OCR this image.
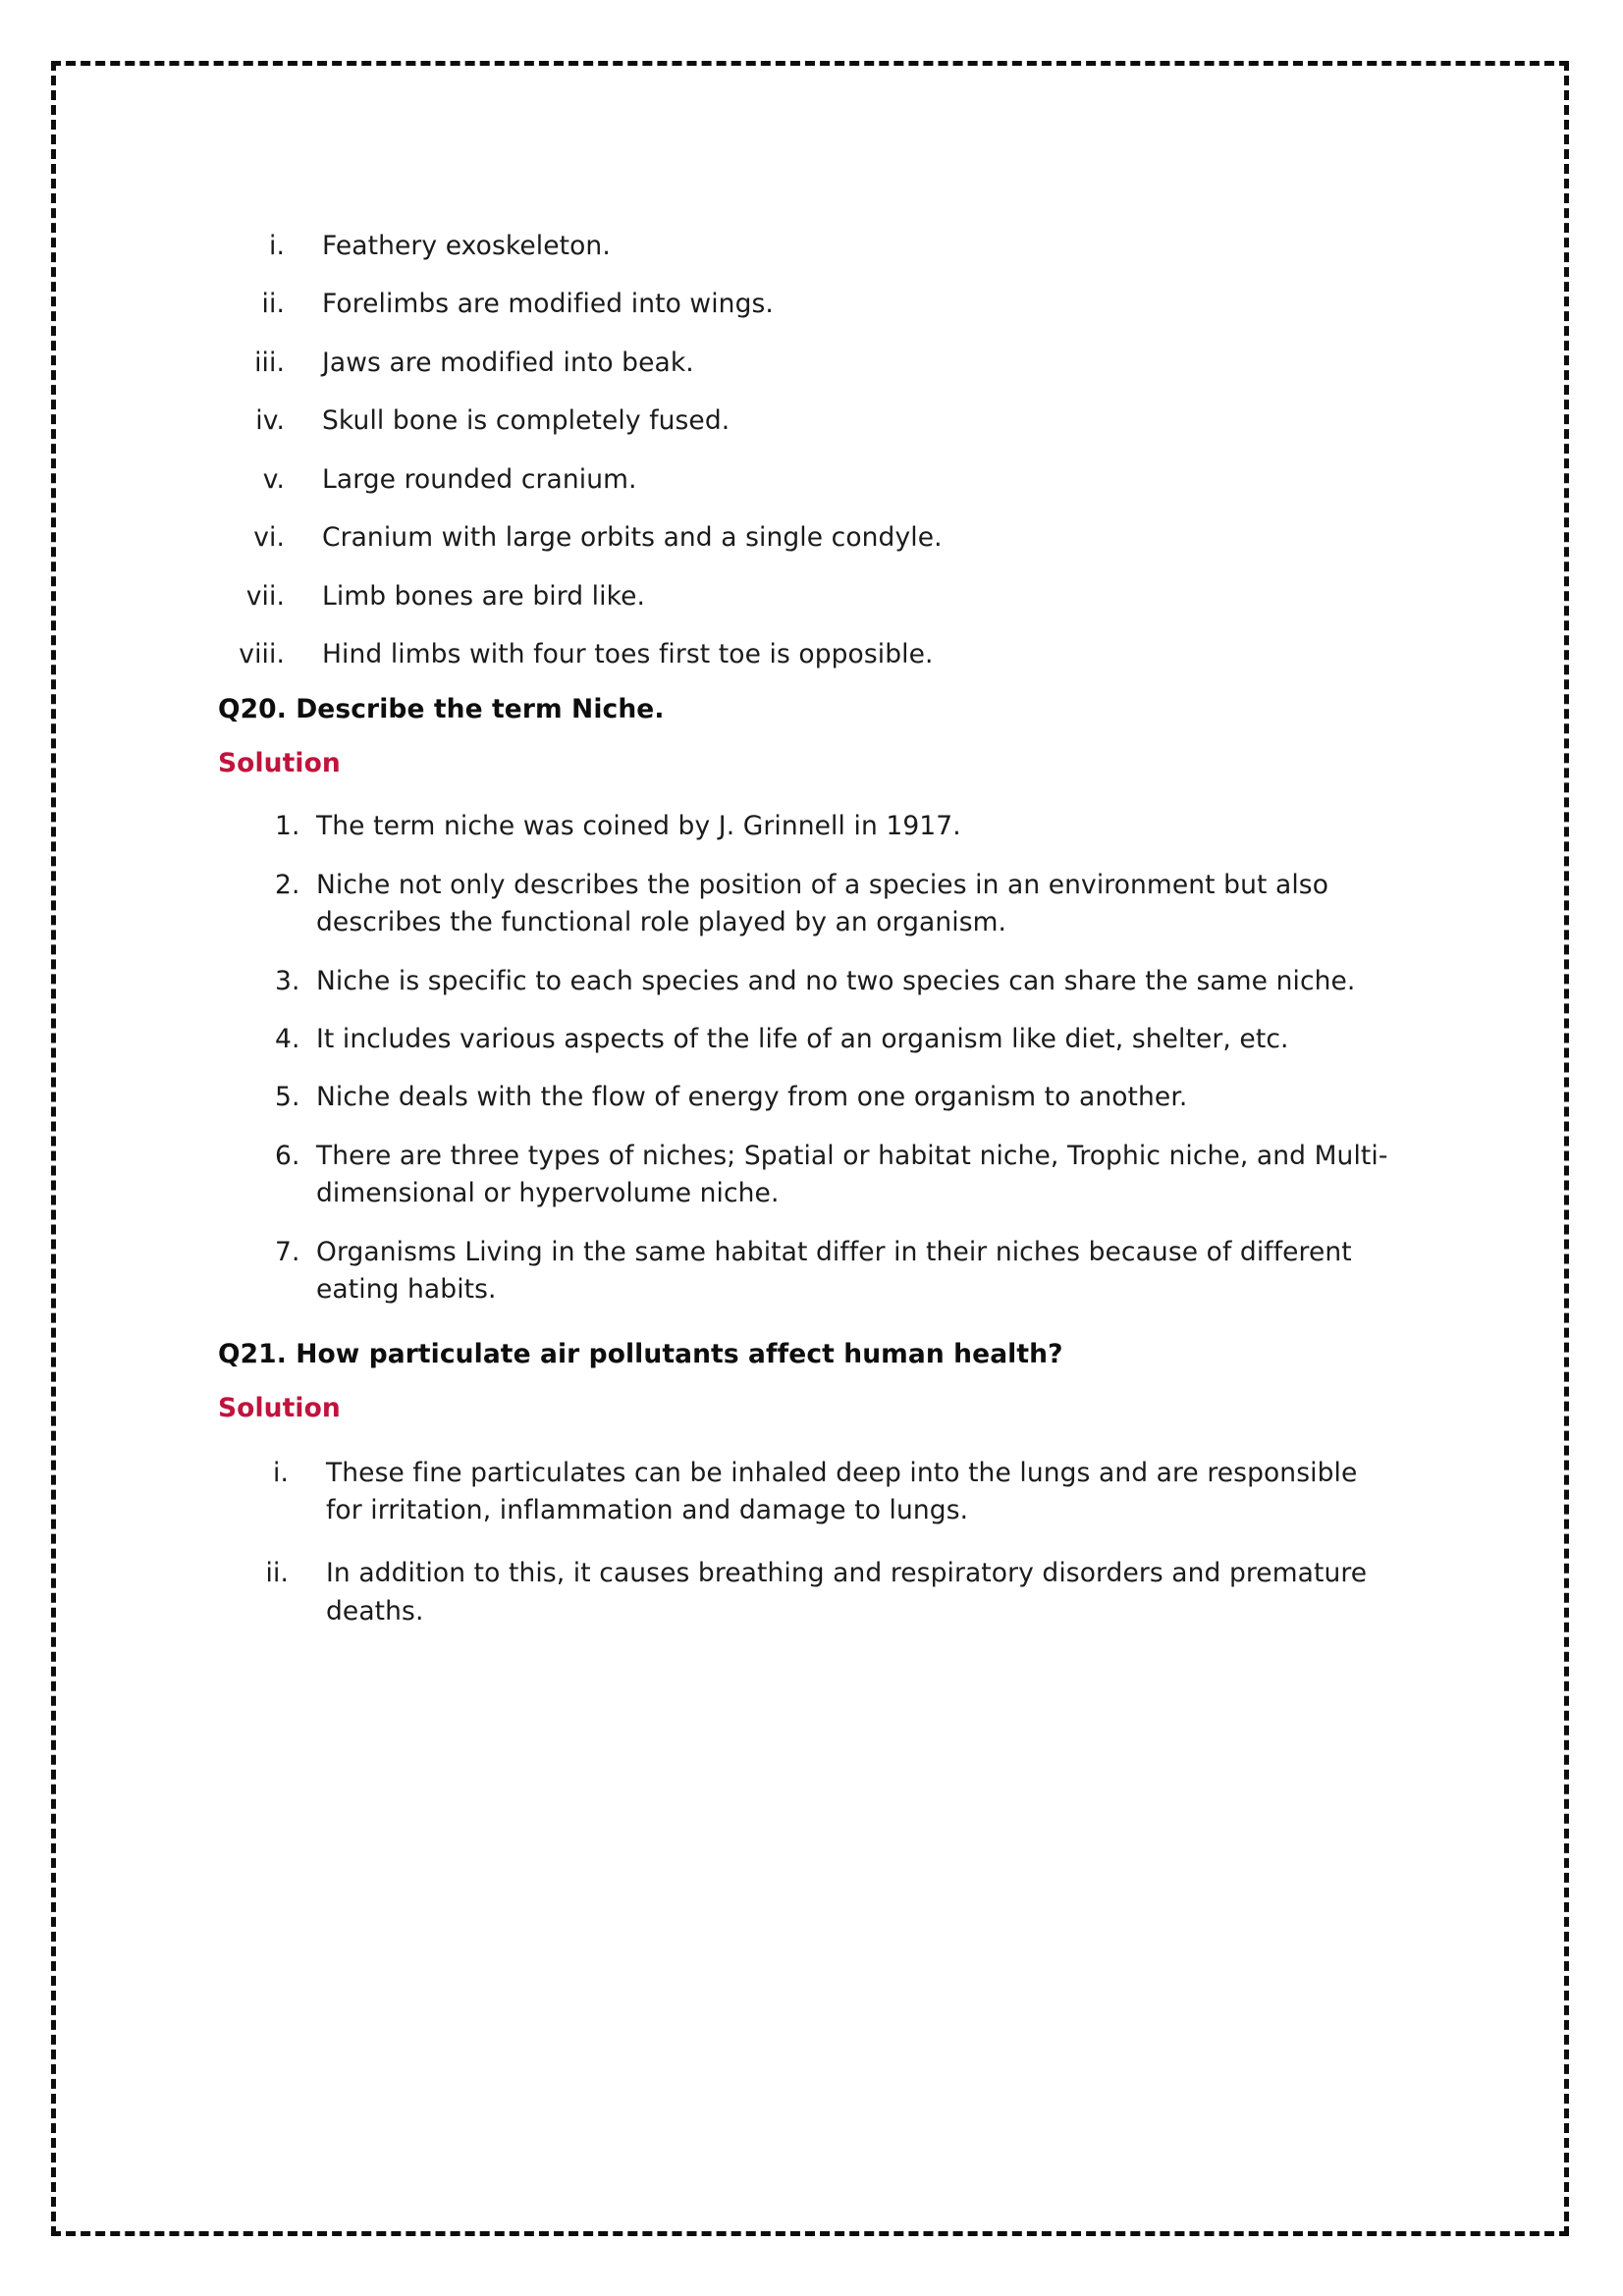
i. Feathery exoskeleton.
ii. Forelimbs are modified into wings.
iii. Jaws are modified into beak.
iv. Skull bone is completely fused.
v. Large rounded cranium.
vi. Cranium with large orbits and a single condyle.
vii. Limb bones are bird like.
viii. Hind limbs with four toes first toe is opposible.

Q20. Describe the term Niche.

Solution

1. The term niche was coined by J. Grinnell in 1917.
2. Niche not only describes the position of a species in an environment but also describes the functional role played by an organism.
3. Niche is specific to each species and no two species can share the same niche.
4. It includes various aspects of the life of an organism like diet, shelter, etc.
5. Niche deals with the flow of energy from one organism to another.
6. There are three types of niches; Spatial or habitat niche, Trophic niche, and Multi-dimensional or hypervolume niche.
7. Organisms Living in the same habitat differ in their niches because of different eating habits.

Q21. How particulate air pollutants affect human health?

Solution

i. These fine particulates can be inhaled deep into the lungs and are responsible for irritation, inflammation and damage to lungs.
ii. In addition to this, it causes breathing and respiratory disorders and premature deaths.
